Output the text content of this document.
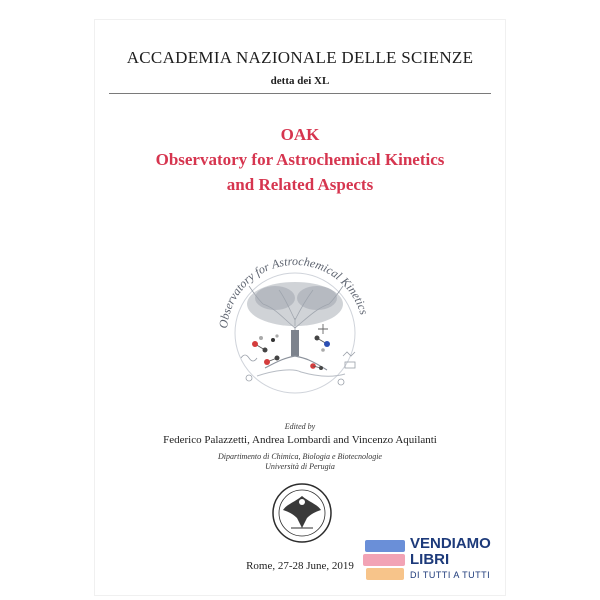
ACCADEMIA NAZIONALE DELLE SCIENZE
detta dei XL
OAK
Observatory for Astrochemical Kinetics
and Related Aspects
Observatory for Astrochemical Kinetics
Edited by
Federico Palazzetti, Andrea Lombardi and Vincenzo Aquilanti
Dipartimento di Chimica, Biologia e Biotecnologie
Università di Perugia
Rome, 27-28 June, 2019
VENDIAMO
LIBRI
DI TUTTI A TUTTI
